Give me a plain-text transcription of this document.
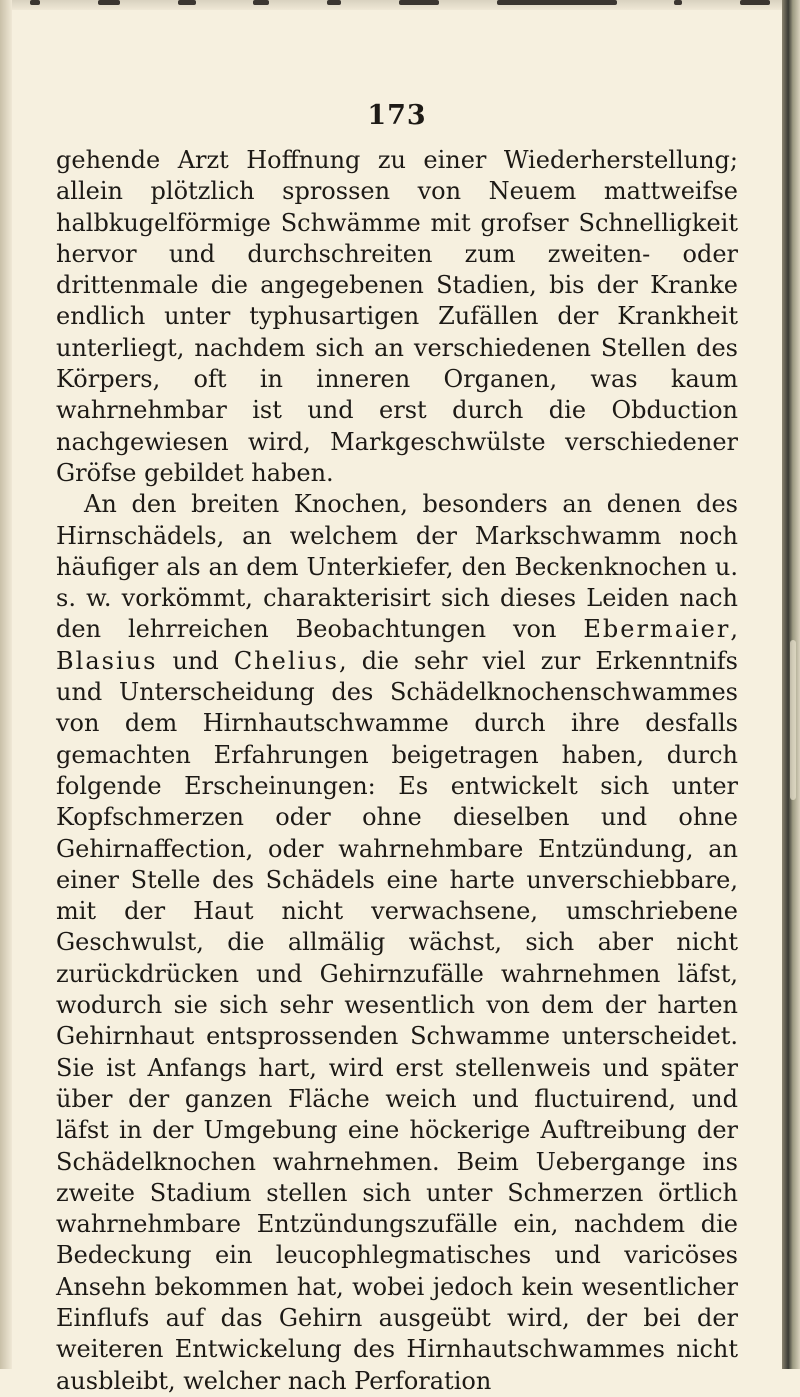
173

gehende Arzt Hoffnung zu einer Wiederherstellung; allein plötzlich sprossen von Neuem mattweifse halbkugelförmige Schwämme mit grofser Schnelligkeit hervor und durchschreiten zum zweiten- oder drittenmale die angegebenen Stadien, bis der Kranke endlich unter typhusartigen Zufällen der Krankheit unterliegt, nachdem sich an verschiedenen Stellen des Körpers, oft in inneren Organen, was kaum wahrnehmbar ist und erst durch die Obduction nachgewiesen wird, Markgeschwülste verschiedener Gröfse gebildet haben.

An den breiten Knochen, besonders an denen des Hirnschädels, an welchem der Markschwamm noch häufiger als an dem Unterkiefer, den Beckenknochen u. s. w. vorkömmt, charakterisirt sich dieses Leiden nach den lehrreichen Beobachtungen von Ebermaier, Blasius und Chelius, die sehr viel zur Erkenntnifs und Unterscheidung des Schädelknochenschwammes von dem Hirnhautschwamme durch ihre desfalls gemachten Erfahrungen beigetragen haben, durch folgende Erscheinungen: Es entwickelt sich unter Kopfschmerzen oder ohne dieselben und ohne Gehirnaffection, oder wahrnehmbare Entzündung, an einer Stelle des Schädels eine harte unverschiebbare, mit der Haut nicht verwachsene, umschriebene Geschwulst, die allmälig wächst, sich aber nicht zurückdrücken und Gehirnzufälle wahrnehmen läfst, wodurch sie sich sehr wesentlich von dem der harten Gehirnhaut entsprossenden Schwamme unterscheidet. Sie ist Anfangs hart, wird erst stellenweis und später über der ganzen Fläche weich und fluctuirend, und läfst in der Umgebung eine höckerige Auftreibung der Schädelknochen wahrnehmen. Beim Uebergange ins zweite Stadium stellen sich unter Schmerzen örtlich wahrnehmbare Entzündungszufälle ein, nachdem die Bedeckung ein leucophlegmatisches und varicöses Ansehn bekommen hat, wobei jedoch kein wesentlicher Einflufs auf das Gehirn ausgeübt wird, der bei der weiteren Entwickelung des Hirnhautschwammes nicht ausbleibt, welcher nach Perforation
